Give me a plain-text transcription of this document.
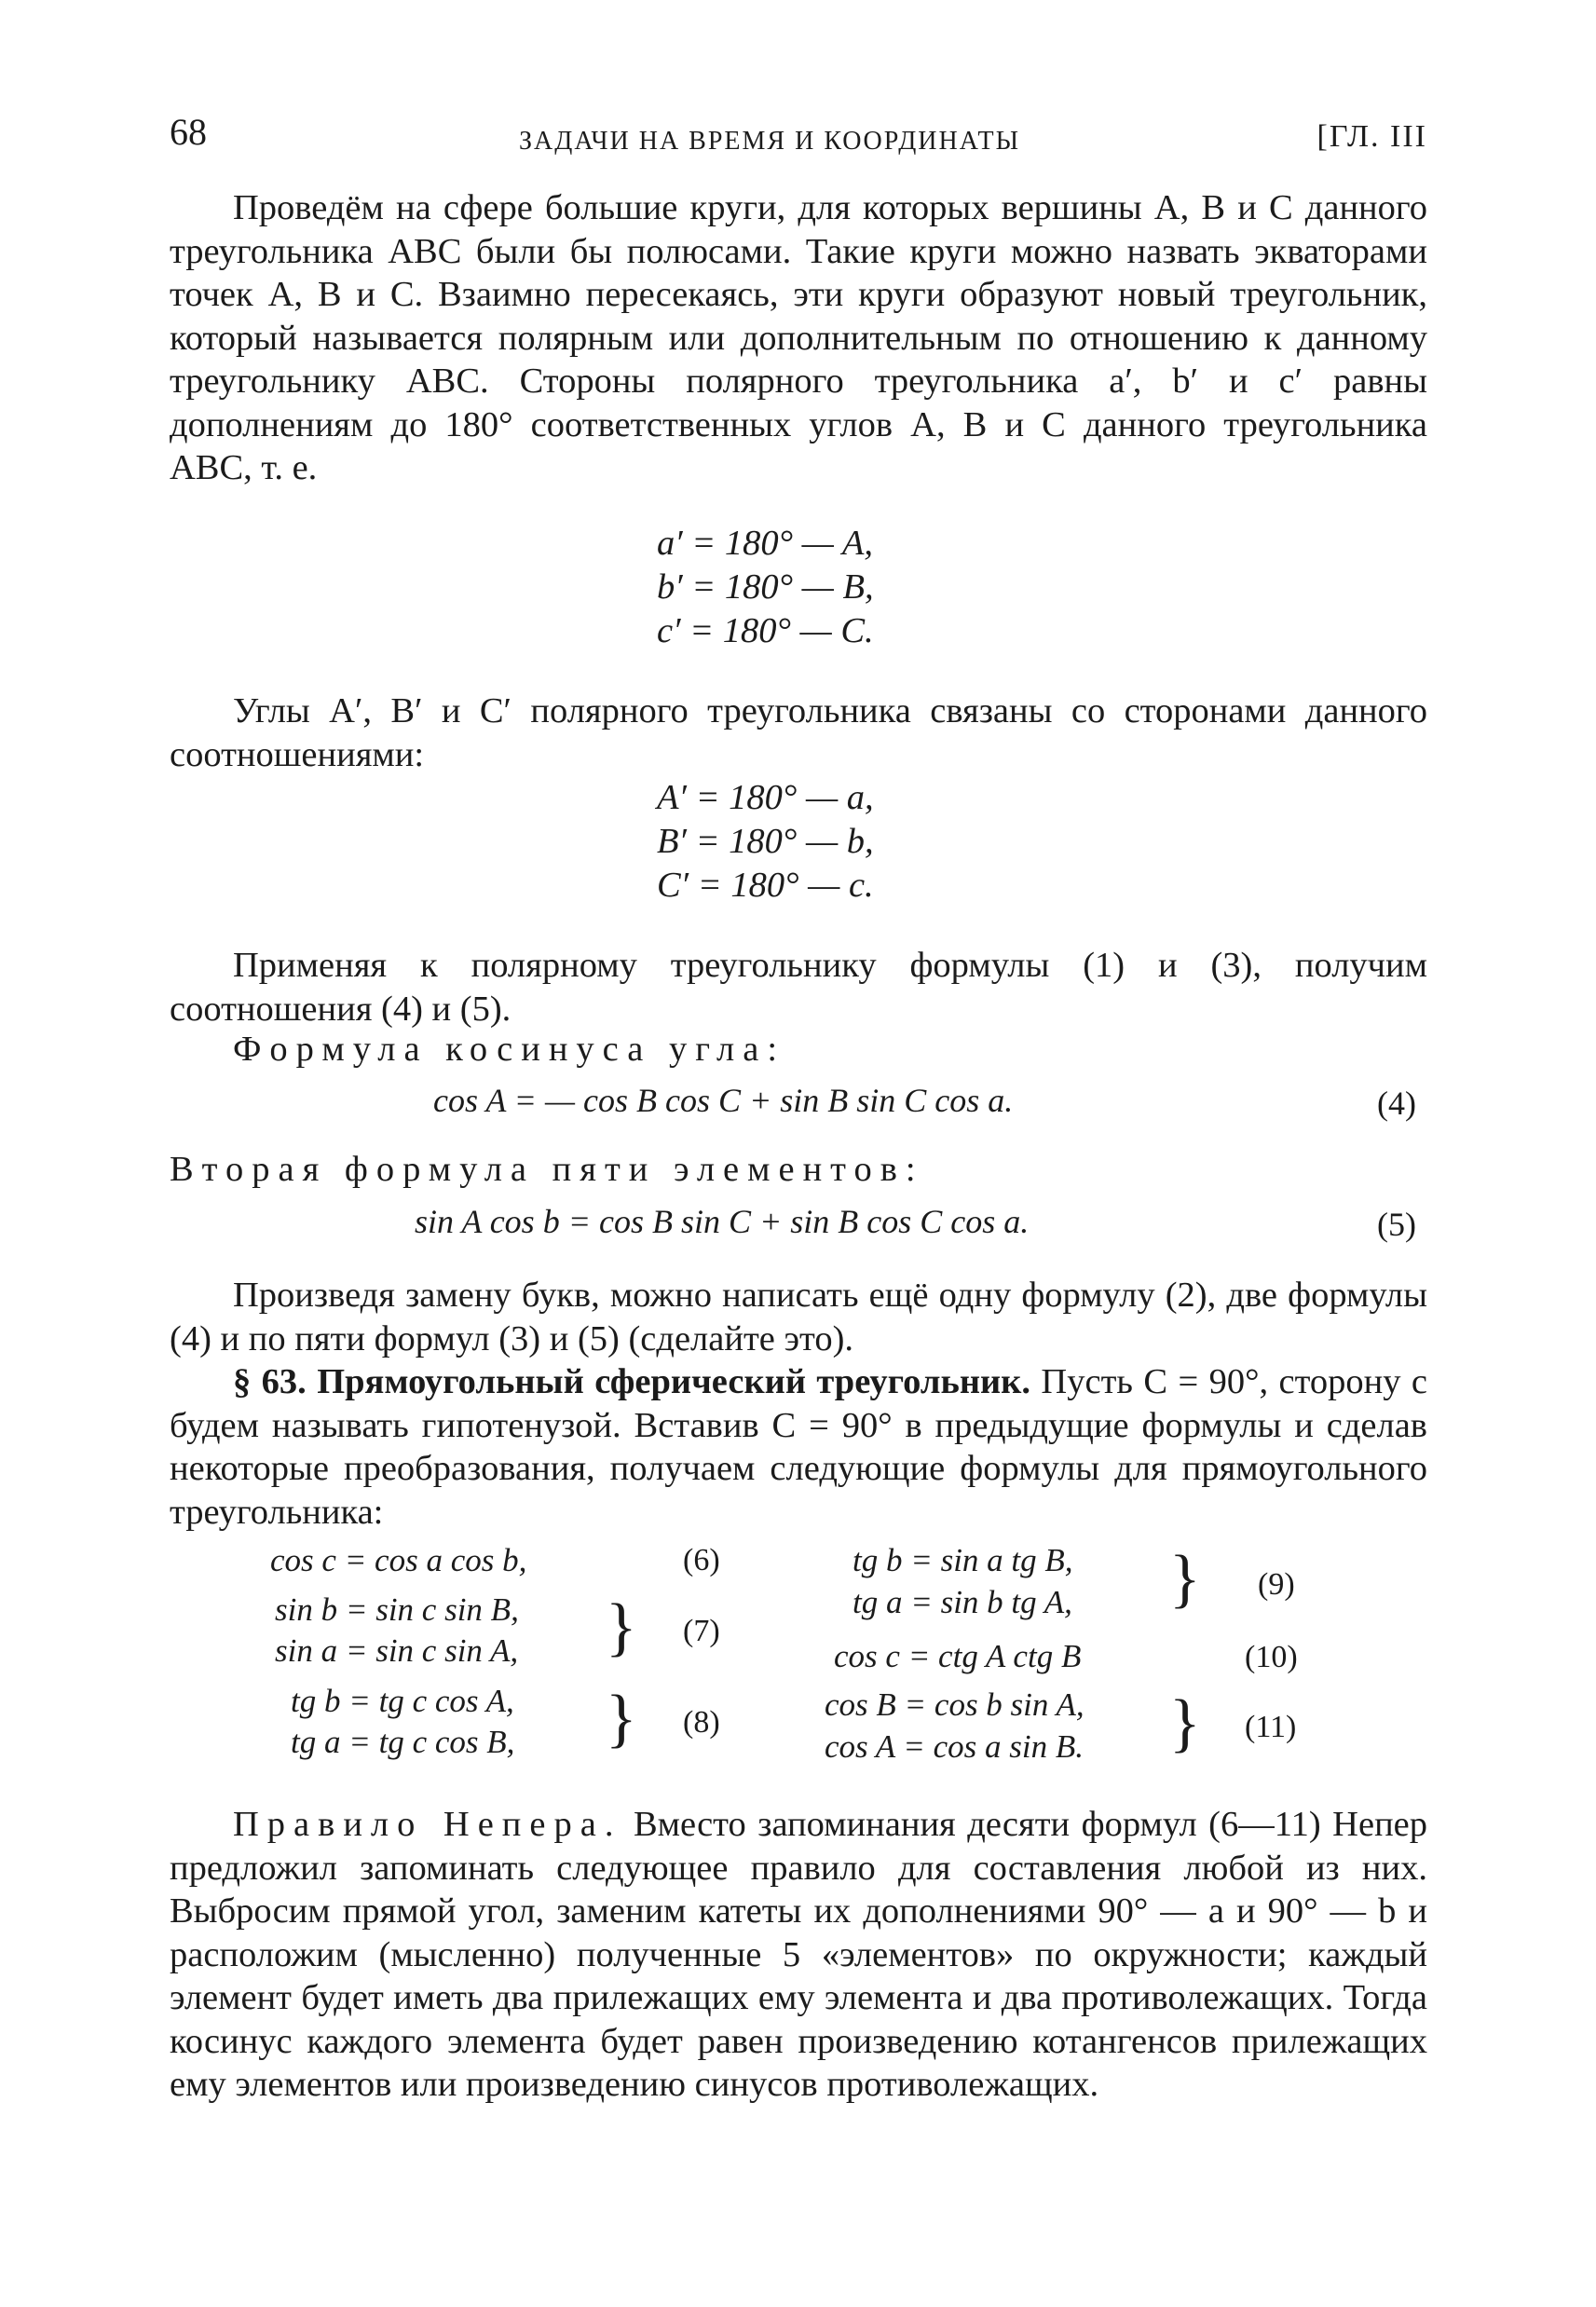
68	ЗАДАЧИ НА ВРЕМЯ И КООРДИНАТЫ	[ГЛ. III

Проведём на сфере большие круги, для которых вершины A, B и C данного треугольника ABC были бы полюсами. Такие круги можно назвать экваторами точек A, B и C. Взаимно пересекаясь, эти круги образуют новый треугольник, который называется полярным или дополнительным по отношению к данному треугольнику ABC. Стороны полярного треугольника a′, b′ и c′ равны дополнениям до 180° соответственных углов A, B и C данного треугольника ABC, т. е.

a′ = 180° — A,
b′ = 180° — B,
c′ = 180° — C.

Углы A′, B′ и C′ полярного треугольника связаны со сторонами данного соотношениями:

A′ = 180° — a,
B′ = 180° — b,
C′ = 180° — c.

Применяя к полярному треугольнику формулы (1) и (3), получим соотношения (4) и (5).

Формула косинуса угла:
cos A = — cos B cos C + sin B sin C cos a.	(4)
Вторая формула пяти элементов:
sin A cos b = cos B sin C + sin B cos C cos a.	(5)

Произведя замену букв, можно написать ещё одну формулу (2), две формулы (4) и по пяти формул (3) и (5) (сделайте это).

§ 63. Прямоугольный сферический треугольник. Пусть C = 90°, сторону c будем называть гипотенузой. Вставив C = 90° в предыдущие формулы и сделав некоторые преобразования, получаем следующие формулы для прямоугольного треугольника:

cos c = cos a cos b,	(6)
sin b = sin c sin B,
sin a = sin c sin A, } (7)
tg b = tg c cos A,
tg a = tg c cos B, } (8)
tg b = sin a tg B,
tg a = sin b tg A, } (9)
cos c = ctg A ctg B	(10)
cos B = cos b sin A,
cos A = cos a sin B. } (11)

Правило Непера. Вместо запоминания десяти формул (6—11) Непер предложил запоминать следующее правило для составления любой из них. Выбросим прямой угол, заменим катеты их дополнениями 90° — a и 90° — b и расположим (мысленно) полученные 5 «элементов» по окружности; каждый элемент будет иметь два прилежащих ему элемента и два противолежащих. Тогда косинус каждого элемента будет равен произведению котангенсов прилежащих ему элементов или произведению синусов противолежащих.
